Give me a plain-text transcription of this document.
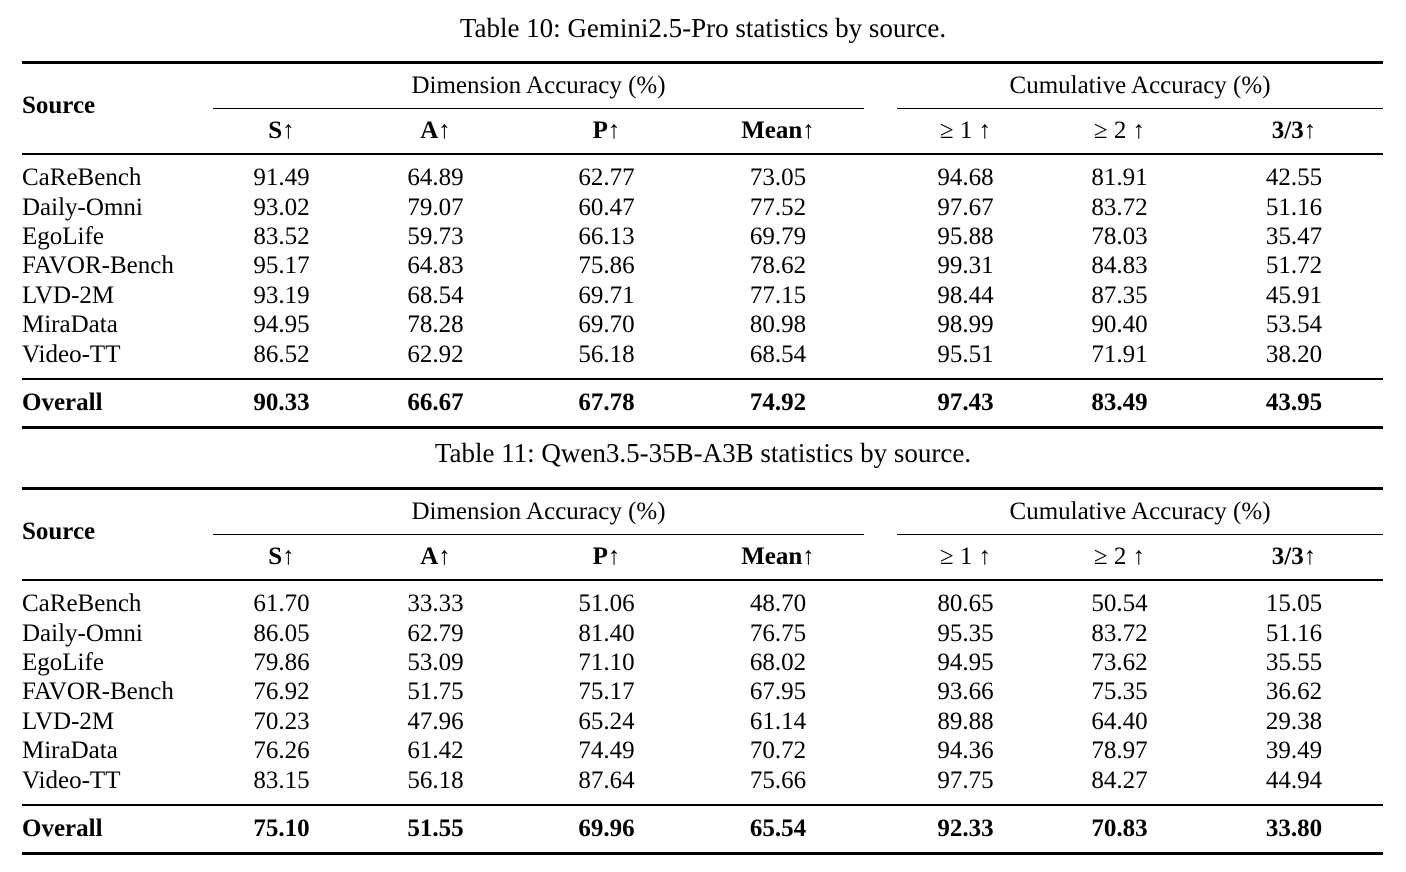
Table 10: Gemini2.5-Pro statistics by source.
Source	Dimension Accuracy (%)					Cumulative Accuracy (%)		
	S↑	A↑	P↑	Mean↑		≥ 1 ↑	≥ 2 ↑	3/3↑
CaReBench	91.49	64.89	62.77	73.05		94.68	81.91	42.55
Daily-Omni	93.02	79.07	60.47	77.52		97.67	83.72	51.16
EgoLife	83.52	59.73	66.13	69.79		95.88	78.03	35.47
FAVOR-Bench	95.17	64.83	75.86	78.62		99.31	84.83	51.72
LVD-2M	93.19	68.54	69.71	77.15		98.44	87.35	45.91
MiraData	94.95	78.28	69.70	80.98		98.99	90.40	53.54
Video-TT	86.52	62.92	56.18	68.54		95.51	71.91	38.20
Overall	90.33	66.67	67.78	74.92		97.43	83.49	43.95
Table 11: Qwen3.5-35B-A3B statistics by source.
Source	Dimension Accuracy (%)					Cumulative Accuracy (%)		
	S↑	A↑	P↑	Mean↑		≥ 1 ↑	≥ 2 ↑	3/3↑
CaReBench	61.70	33.33	51.06	48.70		80.65	50.54	15.05
Daily-Omni	86.05	62.79	81.40	76.75		95.35	83.72	51.16
EgoLife	79.86	53.09	71.10	68.02		94.95	73.62	35.55
FAVOR-Bench	76.92	51.75	75.17	67.95		93.66	75.35	36.62
LVD-2M	70.23	47.96	65.24	61.14		89.88	64.40	29.38
MiraData	76.26	61.42	74.49	70.72		94.36	78.97	39.49
Video-TT	83.15	56.18	87.64	75.66		97.75	84.27	44.94
Overall	75.10	51.55	69.96	65.54		92.33	70.83	33.80
